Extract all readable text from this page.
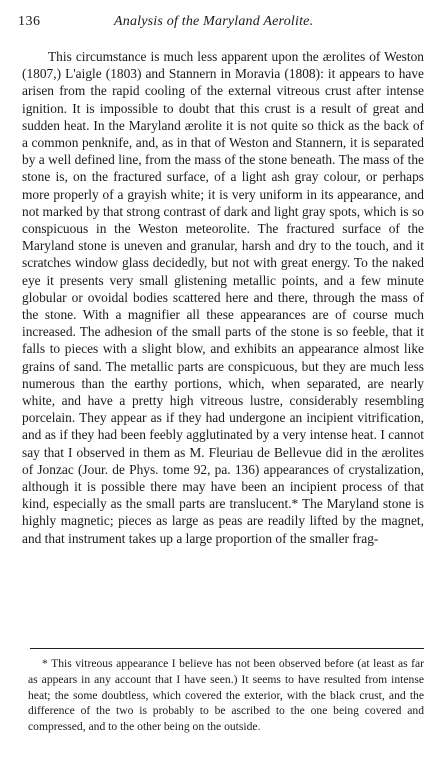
136	Analysis of the Maryland Aerolite.

This circumstance is much less apparent upon the ærolites of Weston (1807,) L'aigle (1803) and Stannern in Moravia (1808): it appears to have arisen from the rapid cooling of the external vitreous crust after intense ignition. It is impossible to doubt that this crust is a result of great and sudden heat. In the Maryland ærolite it is not quite so thick as the back of a common penknife, and, as in that of Weston and Stannern, it is separated by a well defined line, from the mass of the stone beneath. The mass of the stone is, on the fractured surface, of a light ash gray colour, or perhaps more properly of a grayish white; it is very uniform in its appearance, and not marked by that strong contrast of dark and light gray spots, which is so conspicuous in the Weston meteorolite. The fractured surface of the Maryland stone is uneven and granular, harsh and dry to the touch, and it scratches window glass decidedly, but not with great energy. To the naked eye it presents very small glistening metallic points, and a few minute globular or ovoidal bodies scattered here and there, through the mass of the stone. With a magnifier all these appearances are of course much increased. The adhesion of the small parts of the stone is so feeble, that it falls to pieces with a slight blow, and exhibits an appearance almost like grains of sand. The metallic parts are conspicuous, but they are much less numerous than the earthy portions, which, when separated, are nearly white, and have a pretty high vitreous lustre, considerably resembling porcelain. They appear as if they had undergone an incipient vitrification, and as if they had been feebly agglutinated by a very intense heat. I cannot say that I observed in them as M. Fleuriau de Bellevue did in the ærolites of Jonzac (Jour. de Phys. tome 92, pa. 136) appearances of crystalization, although it is possible there may have been an incipient process of that kind, especially as the small parts are translucent.* The Maryland stone is highly magnetic; pieces as large as peas are readily lifted by the magnet, and that instrument takes up a large proportion of the smaller frag-

* This vitreous appearance I believe has not been observed before (at least as far as appears in any account that I have seen.) It seems to have resulted from intense heat; the some doubtless, which covered the exterior, with the black crust, and the difference of the two is probably to be ascribed to the one being covered and compressed, and to the other being on the outside.
